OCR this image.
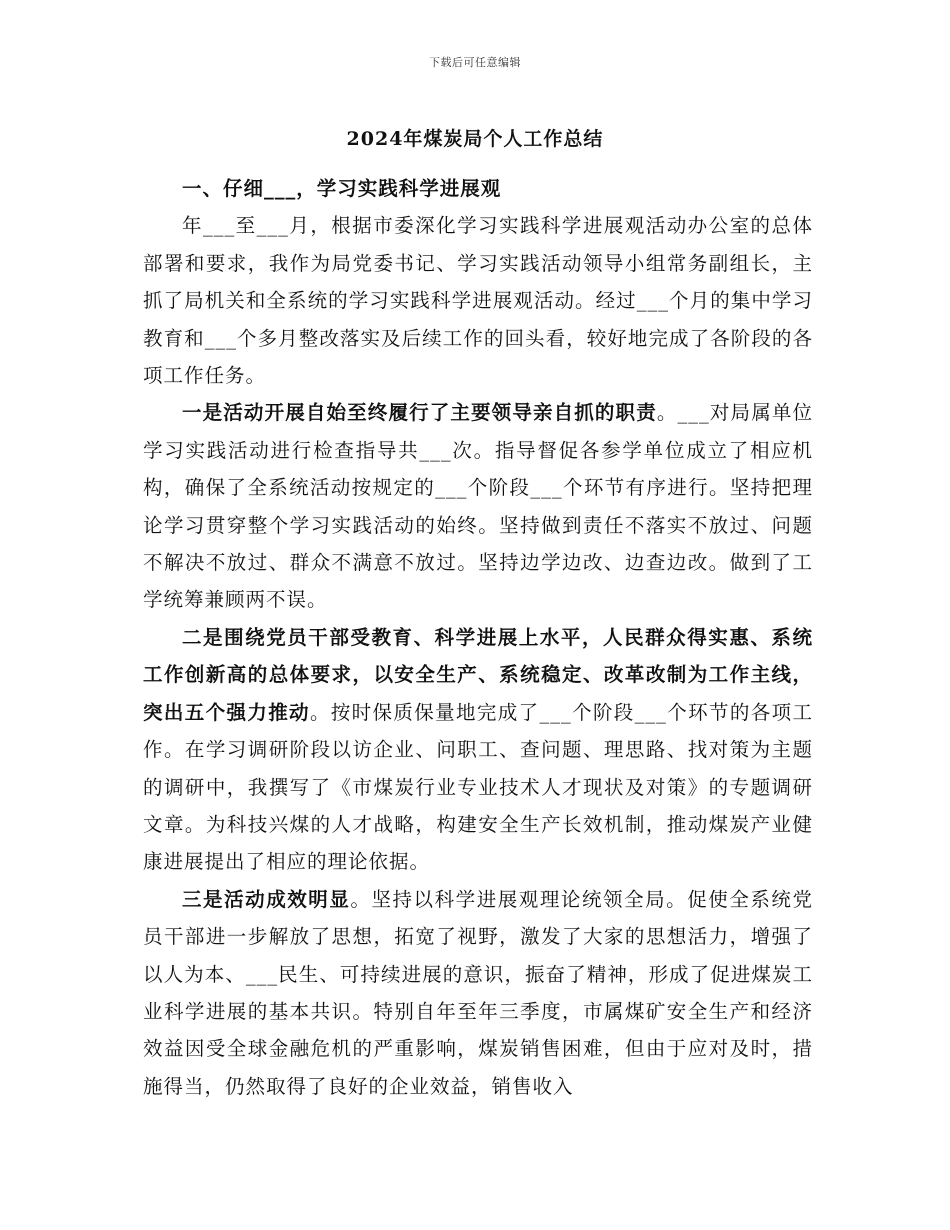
下载后可任意编辑
2024年煤炭局个人工作总结
一、仔细___，学习实践科学进展观

年___至___月，根据市委深化学习实践科学进展观活动办公室的总体部署和要求，我作为局党委书记、学习实践活动领导小组常务副组长，主抓了局机关和全系统的学习实践科学进展观活动。经过___个月的集中学习教育和___个多月整改落实及后续工作的回头看，较好地完成了各阶段的各项工作任务。

一是活动开展自始至终履行了主要领导亲自抓的职责。___对局属单位学习实践活动进行检查指导共___次。指导督促各参学单位成立了相应机构，确保了全系统活动按规定的___个阶段___个环节有序进行。坚持把理论学习贯穿整个学习实践活动的始终。坚持做到责任不落实不放过、问题不解决不放过、群众不满意不放过。坚持边学边改、边查边改。做到了工学统筹兼顾两不误。

二是围绕党员干部受教育、科学进展上水平，人民群众得实惠、系统工作创新高的总体要求，以安全生产、系统稳定、改革改制为工作主线，突出五个强力推动。按时保质保量地完成了___个阶段___个环节的各项工作。在学习调研阶段以访企业、问职工、查问题、理思路、找对策为主题的调研中，我撰写了《市煤炭行业专业技术人才现状及对策》的专题调研文章。为科技兴煤的人才战略，构建安全生产长效机制，推动煤炭产业健康进展提出了相应的理论依据。

三是活动成效明显。坚持以科学进展观理论统领全局。促使全系统党员干部进一步解放了思想，拓宽了视野，激发了大家的思想活力，增强了以人为本、___民生、可持续进展的意识，振奋了精神，形成了促进煤炭工业科学进展的基本共识。特别自年至年三季度，市属煤矿安全生产和经济效益因受全球金融危机的严重影响，煤炭销售困难，但由于应对及时，措施得当，仍然取得了良好的企业效益，销售收入
